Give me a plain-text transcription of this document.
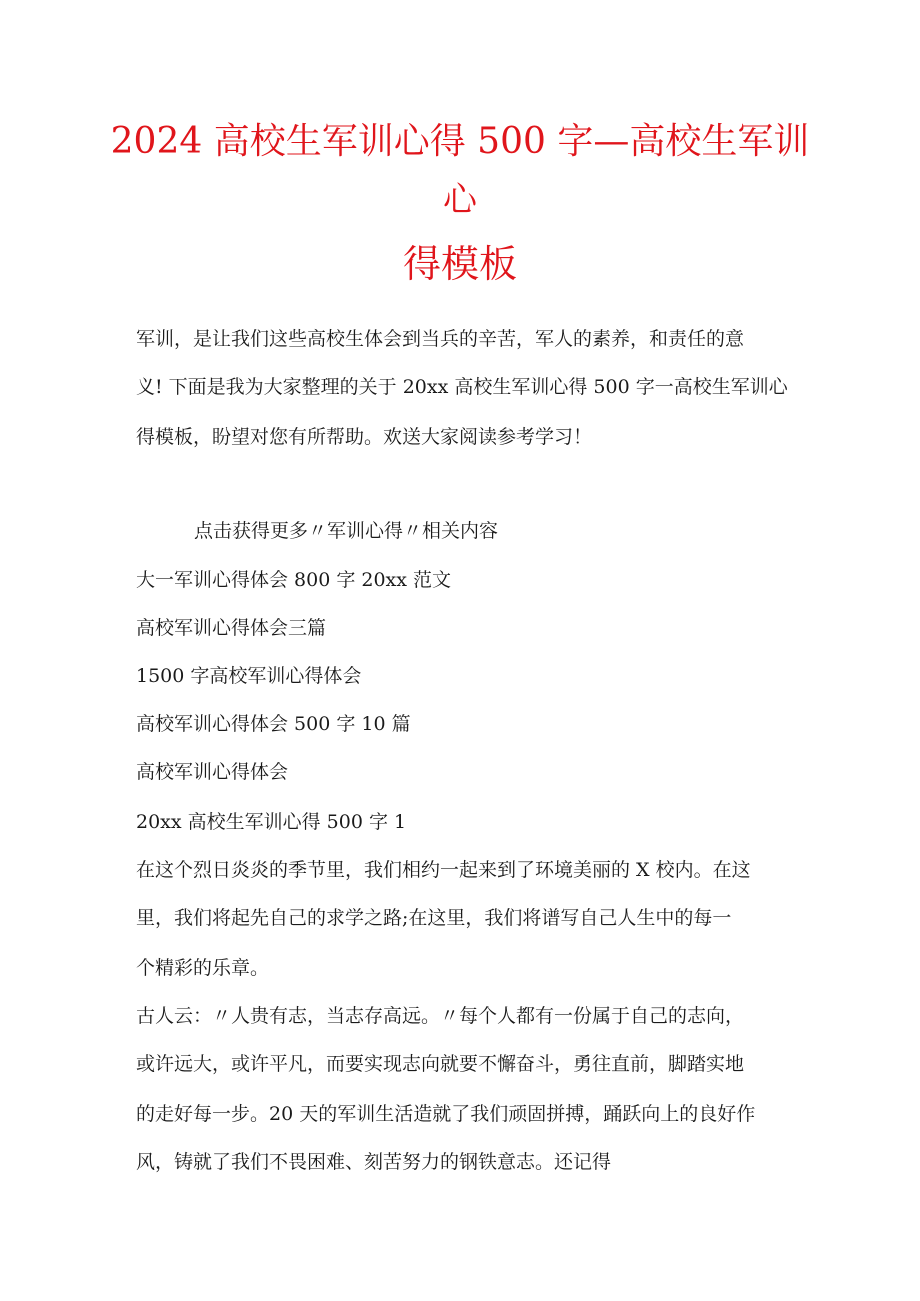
2024 高校生军训心得 500 字—高校生军训
心
得模板
军训，是让我们这些高校生体会到当兵的辛苦，军人的素养，和责任的意
义! 下面是我为大家整理的关于 20xx 高校生军训心得 500 字一高校生军训心
得模板，盼望对您有所帮助。欢送大家阅读参考学习！
点击获得更多〃军训心得〃相关内容
大一军训心得体会 800 字 20xx 范文
高校军训心得体会三篇
1500 字高校军训心得体会
高校军训心得体会 500 字 10 篇
高校军训心得体会
20xx 高校生军训心得 500 字 1
在这个烈日炎炎的季节里，我们相约一起来到了环境美丽的 X 校内。在这
里，我们将起先自己的求学之路;在这里，我们将谱写自己人生中的每一
个精彩的乐章。
古人云：〃人贵有志，当志存高远。〃每个人都有一份属于自己的志向，
或许远大，或许平凡，而要实现志向就要不懈奋斗，勇往直前，脚踏实地
的走好每一步。20 天的军训生活造就了我们顽固拼搏，踊跃向上的良好作
风，铸就了我们不畏困难、刻苦努力的钢铁意志。还记得
